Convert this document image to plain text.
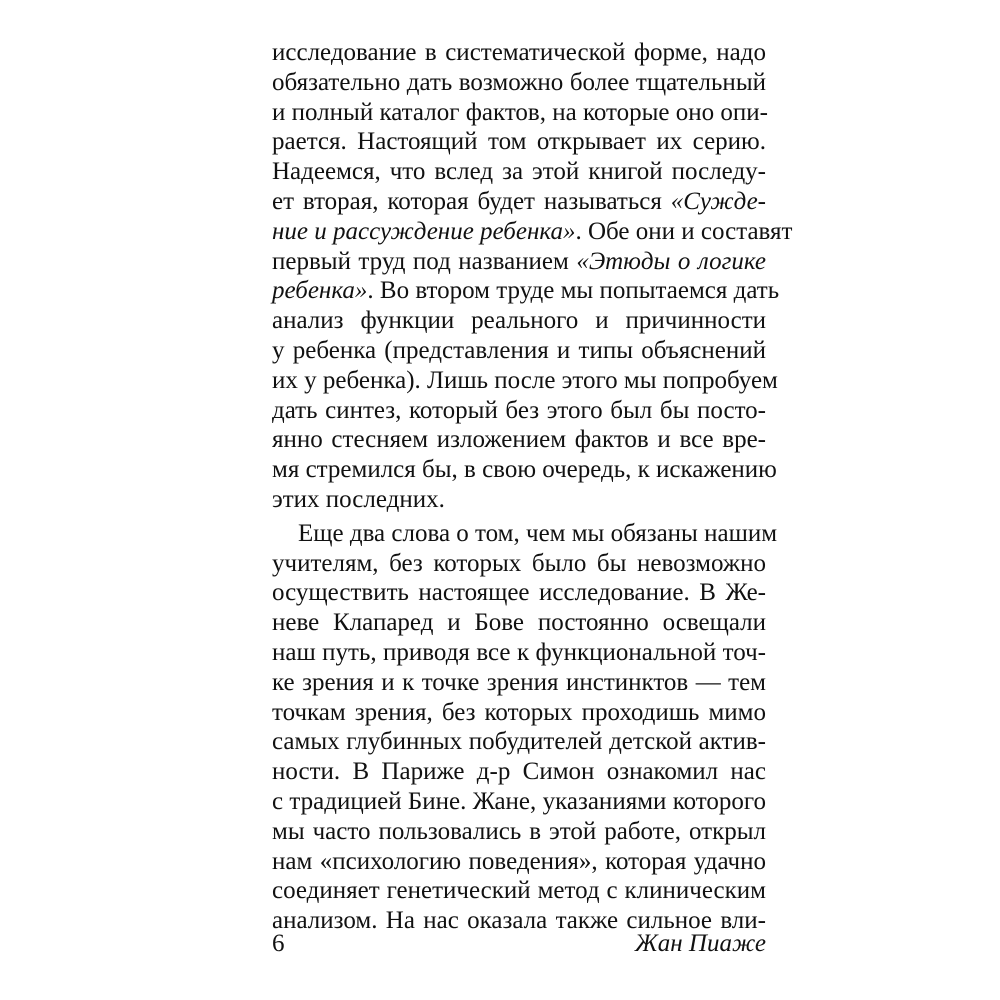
исследование в систематической форме, надо
обязательно дать возможно более тщательный
и полный каталог фактов, на которые оно опи-
рается. Настоящий том открывает их серию.
Надеемся, что вслед за этой книгой последу-
ет вторая, которая будет называться «Сужде-
ние и рассуждение ребенка». Обе они и составят
первый труд под названием «Этюды о логике
ребенка». Во втором труде мы попытаемся дать
анализ функции реального и причинности
у ребенка (представления и типы объяснений
их у ребенка). Лишь после этого мы попробуем
дать синтез, который без этого был бы посто-
янно стесняем изложением фактов и все вре-
мя стремился бы, в свою очередь, к искажению
этих последних.
Еще два слова о том, чем мы обязаны нашим
учителям, без которых было бы невозможно
осуществить настоящее исследование. В Же-
неве Клапаред и Бове постоянно освещали
наш путь, приводя все к функциональной точ-
ке зрения и к точке зрения инстинктов — тем
точкам зрения, без которых проходишь мимо
самых глубинных побудителей детской актив-
ности. В Париже д-р Симон ознакомил нас
с традицией Бине. Жане, указаниями которого
мы часто пользовались в этой работе, открыл
нам «психологию поведения», которая удачно
соединяет генетический метод с клиническим
анализом. На нас оказала также сильное вли-
6	Жан Пиаже
